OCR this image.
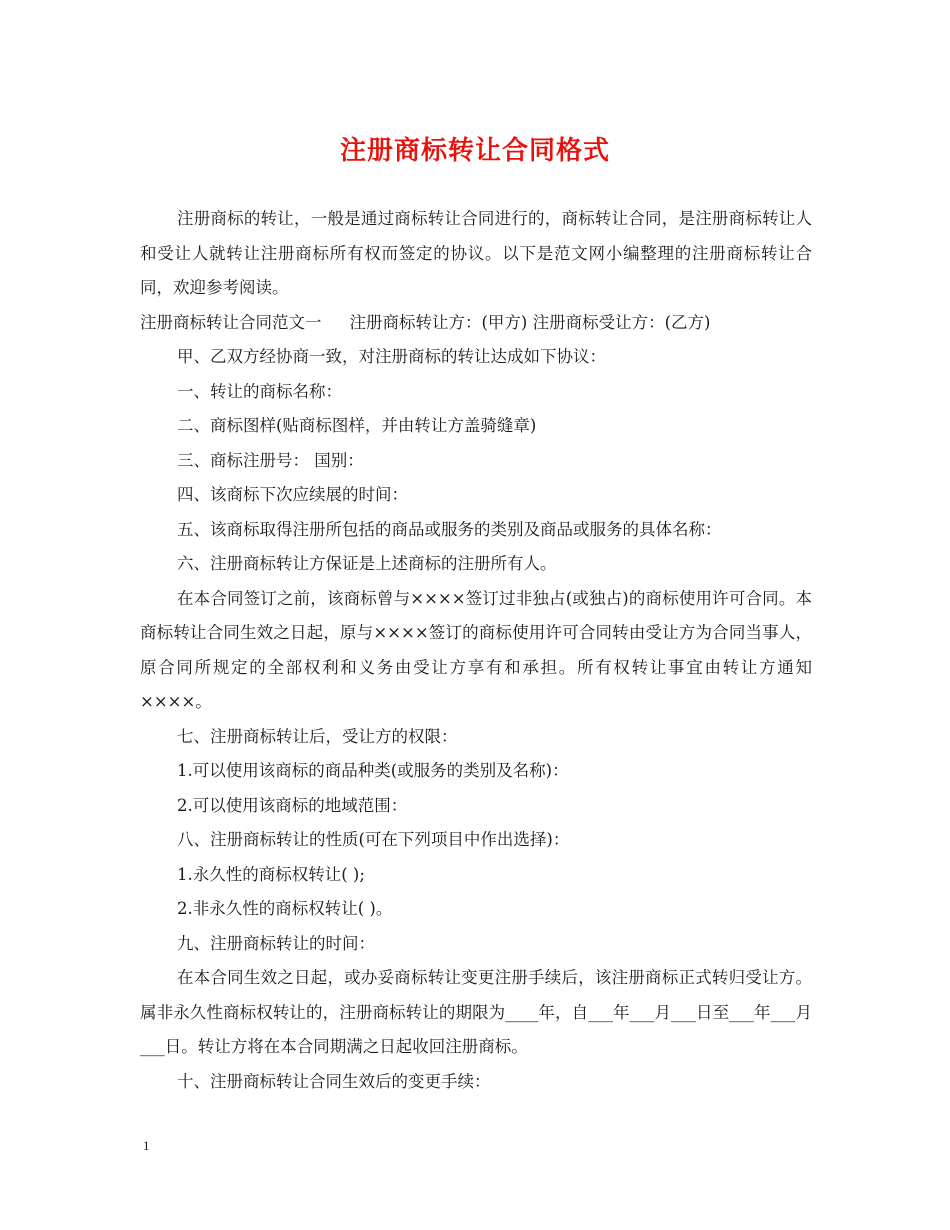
注册商标转让合同格式

注册商标的转让，一般是通过商标转让合同进行的，商标转让合同，是注册商标转让人和受让人就转让注册商标所有权而签定的协议。以下是范文网小编整理的注册商标转让合同，欢迎参考阅读。

注册商标转让合同范文一 注册商标转让方：(甲方) 注册商标受让方：(乙方)

甲、乙双方经协商一致，对注册商标的转让达成如下协议：

一、转让的商标名称：

二、商标图样(贴商标图样，并由转让方盖骑缝章)

三、商标注册号： 国别：

四、该商标下次应续展的时间：

五、该商标取得注册所包括的商品或服务的类别及商品或服务的具体名称：

六、注册商标转让方保证是上述商标的注册所有人。

在本合同签订之前，该商标曾与××××签订过非独占(或独占)的商标使用许可合同。本商标转让合同生效之日起，原与××××签订的商标使用许可合同转由受让方为合同当事人，原合同所规定的全部权利和义务由受让方享有和承担。所有权转让事宜由转让方通知××××。

七、注册商标转让后，受让方的权限：

1.可以使用该商标的商品种类(或服务的类别及名称)：

2.可以使用该商标的地域范围：

八、注册商标转让的性质(可在下列项目中作出选择)：

1.永久性的商标权转让( );

2.非永久性的商标权转让( )。

九、注册商标转让的时间：

在本合同生效之日起，或办妥商标转让变更注册手续后，该注册商标正式转归受让方。 属非永久性商标权转让的，注册商标转让的期限为____年，自___年___月___日至___年___月___日。转让方将在本合同期满之日起收回注册商标。

十、注册商标转让合同生效后的变更手续：

1
